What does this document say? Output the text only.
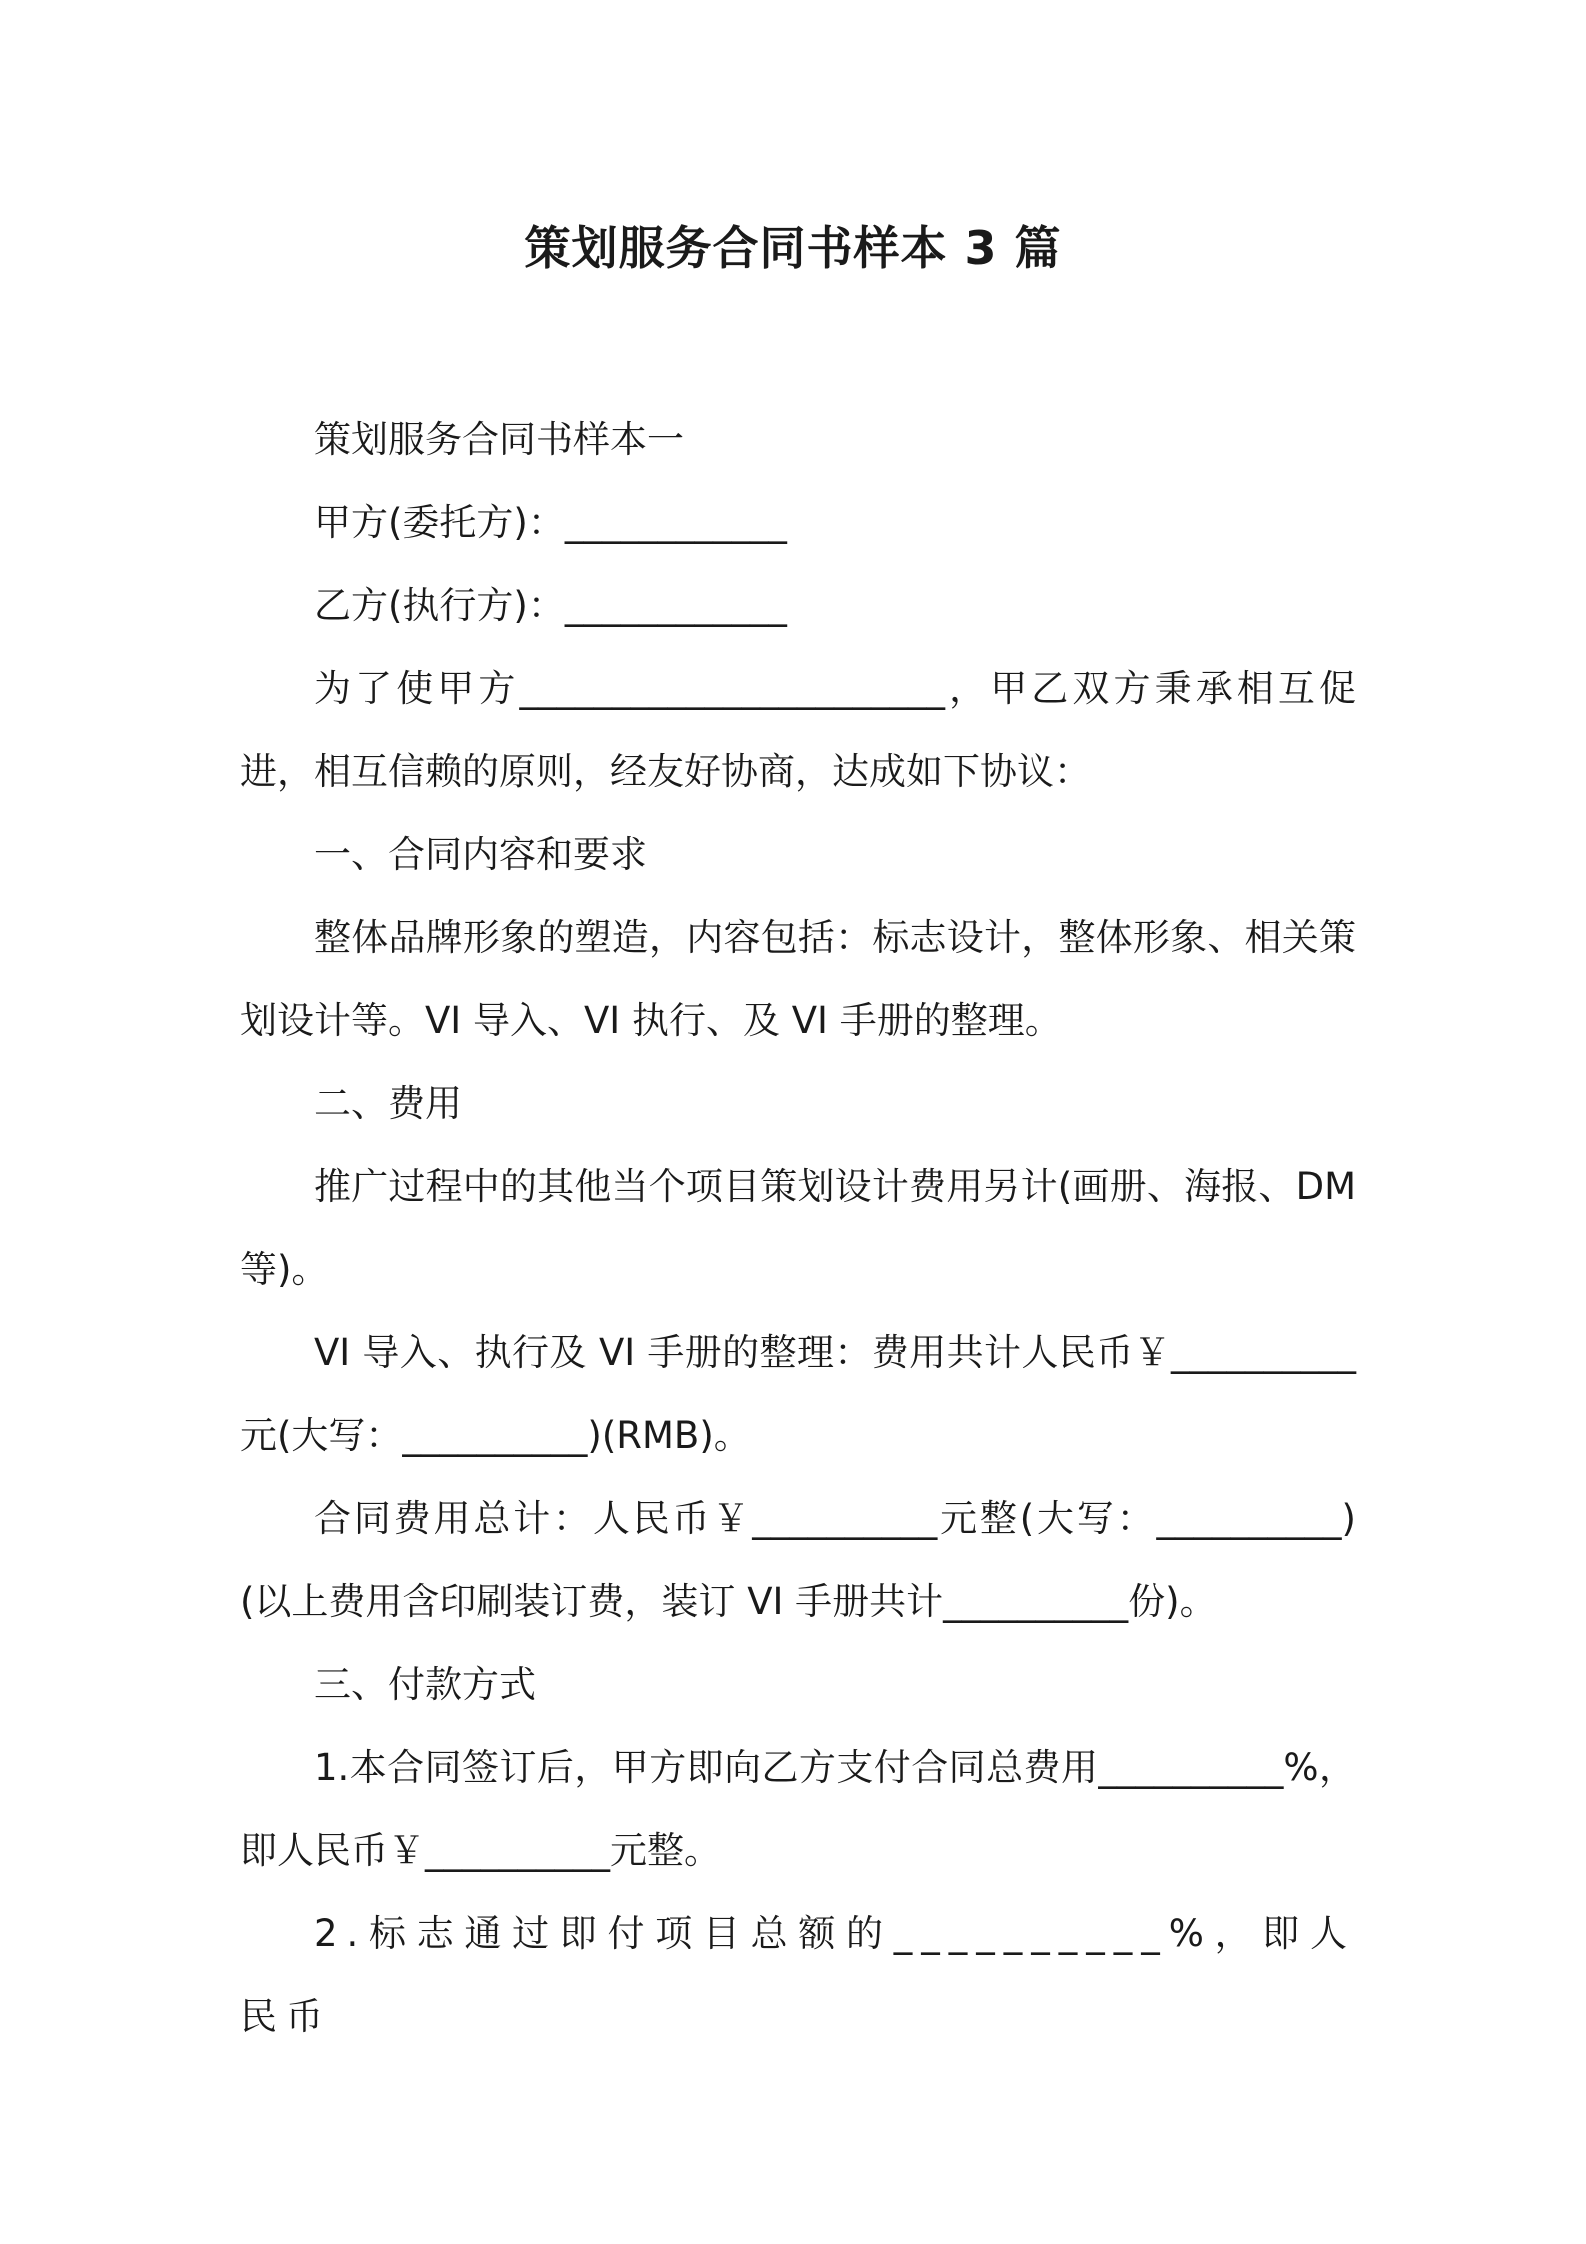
策划服务合同书样本 3 篇

策划服务合同书样本一

甲方(委托方)：____________

乙方(执行方)：____________

为了使甲方_______________________，甲乙双方秉承相互促进，相互信赖的原则，经友好协商，达成如下协议：

一、合同内容和要求

整体品牌形象的塑造，内容包括：标志设计，整体形象、相关策划设计等。VI 导入、VI 执行、及 VI 手册的整理。

二、费用

推广过程中的其他当个项目策划设计费用另计(画册、海报、DM 等)。

VI 导入、执行及 VI 手册的整理：费用共计人民币￥__________元(大写：__________)(RMB)。

合同费用总计：人民币￥__________元整(大写：__________)(以上费用含印刷装订费，装订 VI 手册共计__________份)。

三、付款方式

1.本合同签订后，甲方即向乙方支付合同总费用__________%，即人民币￥__________元整。

2.标志通过即付项目总额的__________%，即人民币
